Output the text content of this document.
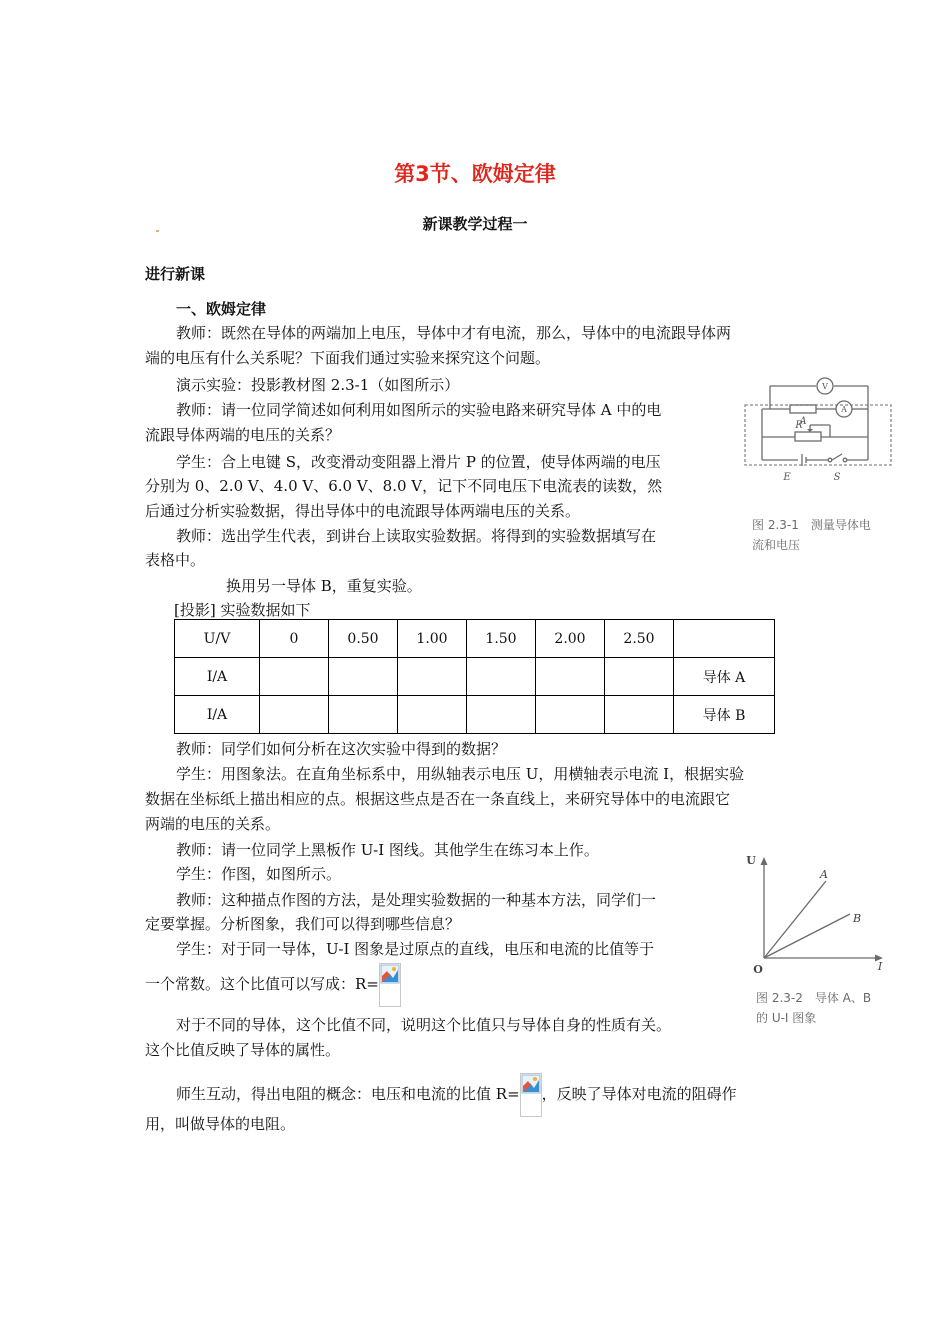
第3节、欧姆定律
新课教学过程一
进行新课
一、欧姆定律
教师：既然在导体的两端加上电压，导体中才有电流，那么，导体中的电流跟导体两
端的电压有什么关系呢？下面我们通过实验来探究这个问题。
演示实验：投影教材图 2.3-1（如图所示）
教师：请一位同学简述如何利用如图所示的实验电路来研究导体 A 中的电
流跟导体两端的电压的关系？
学生：合上电键 S，改变滑动变阻器上滑片 P 的位置，使导体两端的电压
分别为 0、2.0 V、4.0 V、6.0 V、8.0 V，记下不同电压下电流表的读数，然
后通过分析实验数据，得出导体中的电流跟导体两端电压的关系。
教师：选出学生代表，到讲台上读取实验数据。将得到的实验数据填写在
表格中。
换用另一导体 B，重复实验。
[投影] 实验数据如下
U/V	0	0.50	1.00	1.50	2.00	2.50	
I/A							导体 A
I/A							导体 B
教师：同学们如何分析在这次实验中得到的数据？
学生：用图象法。在直角坐标系中，用纵轴表示电压 U，用横轴表示电流 I，根据实验
数据在坐标纸上描出相应的点。根据这些点是否在一条直线上，来研究导体中的电流跟它
两端的电压的关系。
教师：请一位同学上黑板作 U-I 图线。其他学生在练习本上作。
学生：作图，如图所示。
教师：这种描点作图的方法，是处理实验数据的一种基本方法，同学们一
定要掌握。分析图象，我们可以得到哪些信息？
学生：对于同一导体，U-I 图象是过原点的直线，电压和电流的比值等于
一个常数。这个比值可以写成：R=
对于不同的导体，这个比值不同，说明这个比值只与导体自身的性质有关。
这个比值反映了导体的属性。
师生互动，得出电阻的概念：电压和电流的比值 R= ，反映了导体对电流的阻碍作
用，叫做导体的电阻。
V
A
A
R
E	S
图 2.3-1　测量导体电
流和电压
U
I
O
A
B
图 2.3-2　导体 A、B
的 U-I 图象
